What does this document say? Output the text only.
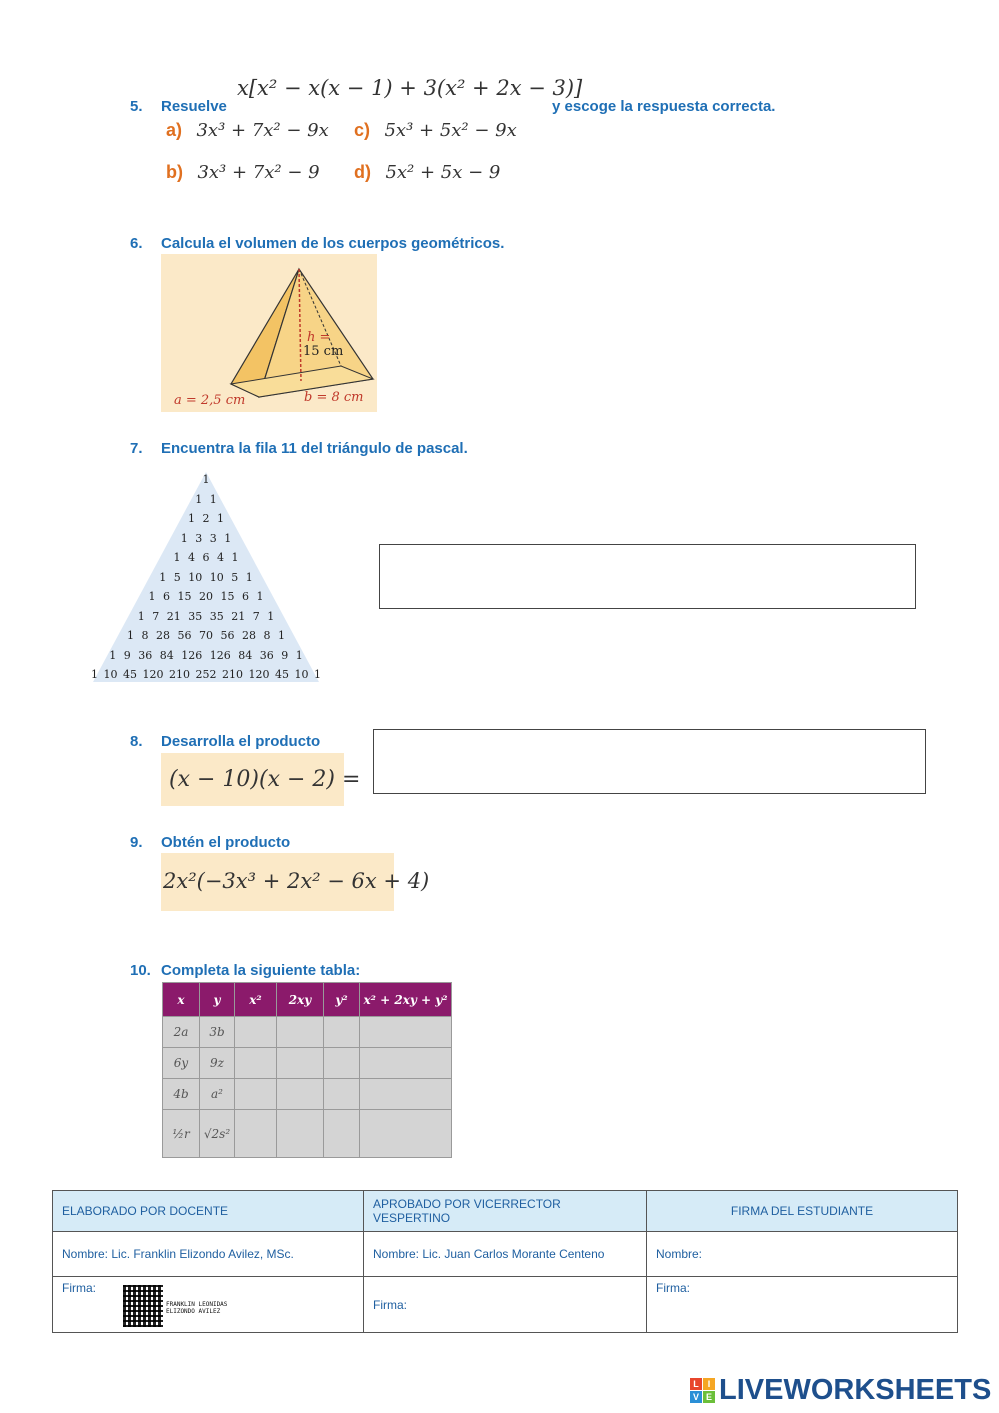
5. Resuelve
x[x² − x(x − 1) + 3(x² + 2x − 3)]
y escoge la respuesta correcta.
a) 3x³ + 7x² − 9x c) 5x³ + 5x² − 9x
b) 3x³ + 7x² − 9 d) 5x² + 5x − 9
6. Calcula el volumen de los cuerpos geométricos.
h =
15 cm
a = 2,5 cm	b = 8 cm
7. Encuentra la fila 11 del triángulo de pascal.
1
1 1
1 2 1
1 3 3 1
1 4 6 4 1
1 5 10 10 5 1
1 6 15 20 15 6 1
1 7 21 35 35 21 7 1
1 8 28 56 70 56 28 8 1
1 9 36 84 126 126 84 36 9 1
1 10 45 120 210 252 210 120 45 10 1
8. Desarrolla el producto
(x − 10)(x − 2) =
9. Obtén el producto
2x²(−3x³ + 2x² − 6x + 4)
10. Completa la siguiente tabla:
x	y	x²	2xy	y²	x² + 2xy + y²
2a	3b				
6y	9z				
4b	a²				
½r	√2s²				
ELABORADO POR DOCENTE	APROBADO POR VICERRECTOR VESPERTINO	FIRMA DEL ESTUDIANTE
Nombre: Lic. Franklin Elizondo Avilez, MSc.	Nombre: Lic. Juan Carlos Morante Centeno	Nombre:
Firma:
FRANKLIN LEONIDAS
ELIZONDO AVILEZ	Firma:	Firma:
L I
V E LIVEWORKSHEETS
